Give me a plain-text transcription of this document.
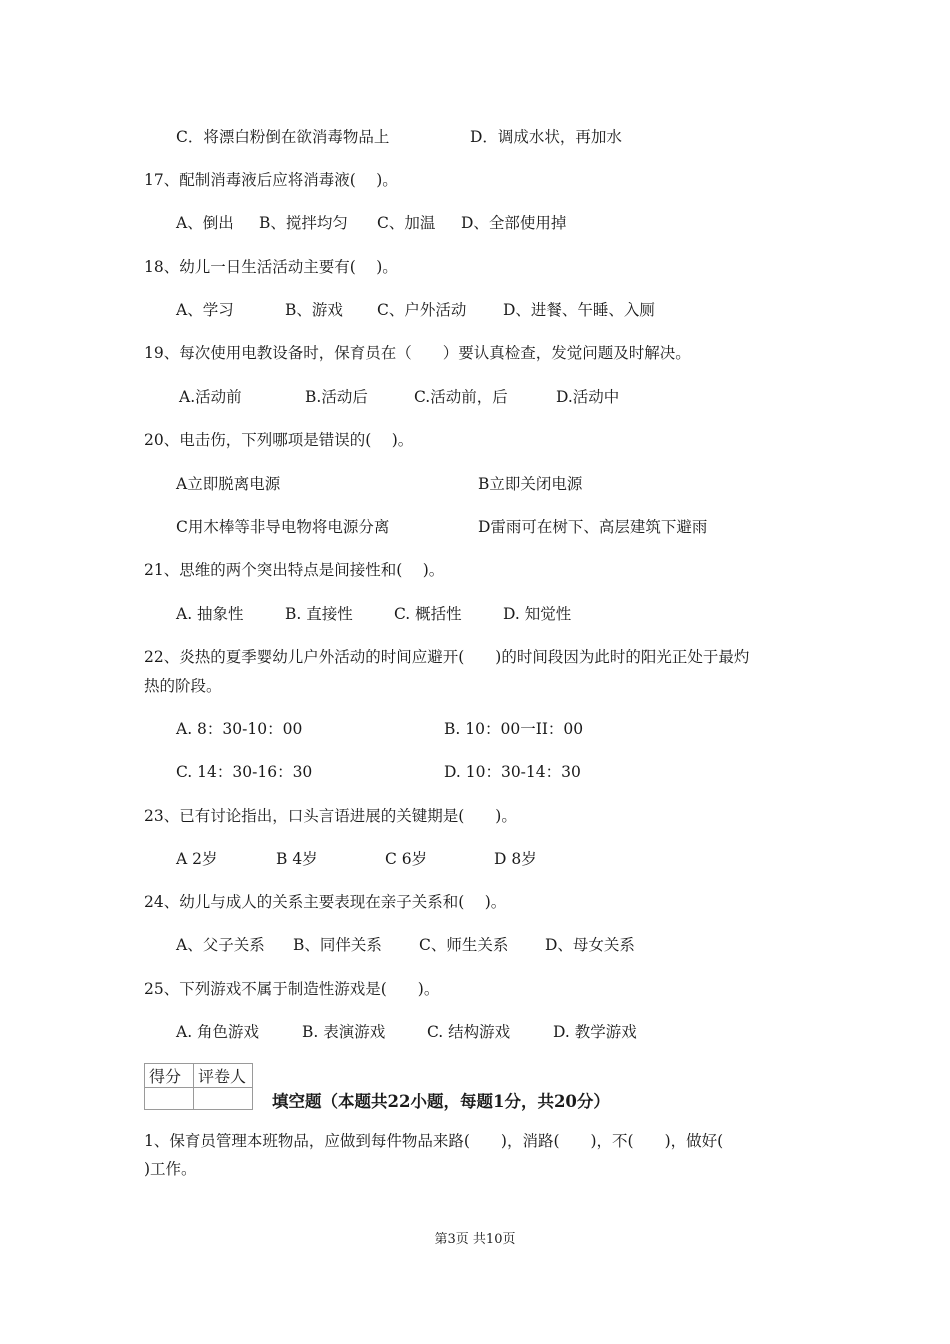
C．将漂白粉倒在欲消毒物品上	D．调成水状，再加水
17、配制消毒液后应将消毒液(　 )。
A、倒出 B、搅拌均匀 C、加温 D、全部使用掉
18、幼儿一日生活活动主要有(　 )。
A、学习	B、游戏 C、户外活动 D、进餐、午睡、入厕
19、每次使用电教设备时，保育员在（　　）要认真检查，发觉问题及时解决。
A.活动前	B.活动后	C.活动前，后	D.活动中
20、电击伤，下列哪项是错误的(　 )。
A立即脱离电源	B立即关闭电源
C用木棒等非导电物将电源分离	D雷雨可在树下、高层建筑下避雨
21、思维的两个突出特点是间接性和(　 )。
A. 抽象性	B. 直接性	C. 概括性	D. 知觉性
22、炎热的夏季婴幼儿户外活动的时间应避开(　　)的时间段因为此时的阳光正处于最灼
热的阶段。
A. 8：30-10：00	B. 10：00一II：00
C. 14：30-16：30	D. 10：30-14：30
23、已有讨论指出，口头言语进展的关键期是(　　)。
A 2岁	B 4岁	C 6岁	D 8岁
24、幼儿与成人的关系主要表现在亲子关系和(　 )。
A、父子关系 B、同伴关系 C、师生关系 D、母女关系
25、下列游戏不属于制造性游戏是(　　)。
A. 角色游戏	B. 表演游戏	C. 结构游戏	D. 教学游戏
得分	评卷人

填空题（本题共22小题，每题1分，共20分）
1、保育员管理本班物品，应做到每件物品来路(　　)，消路(　　)，不(　　)，做好(
)工作。
第3页 共10页
